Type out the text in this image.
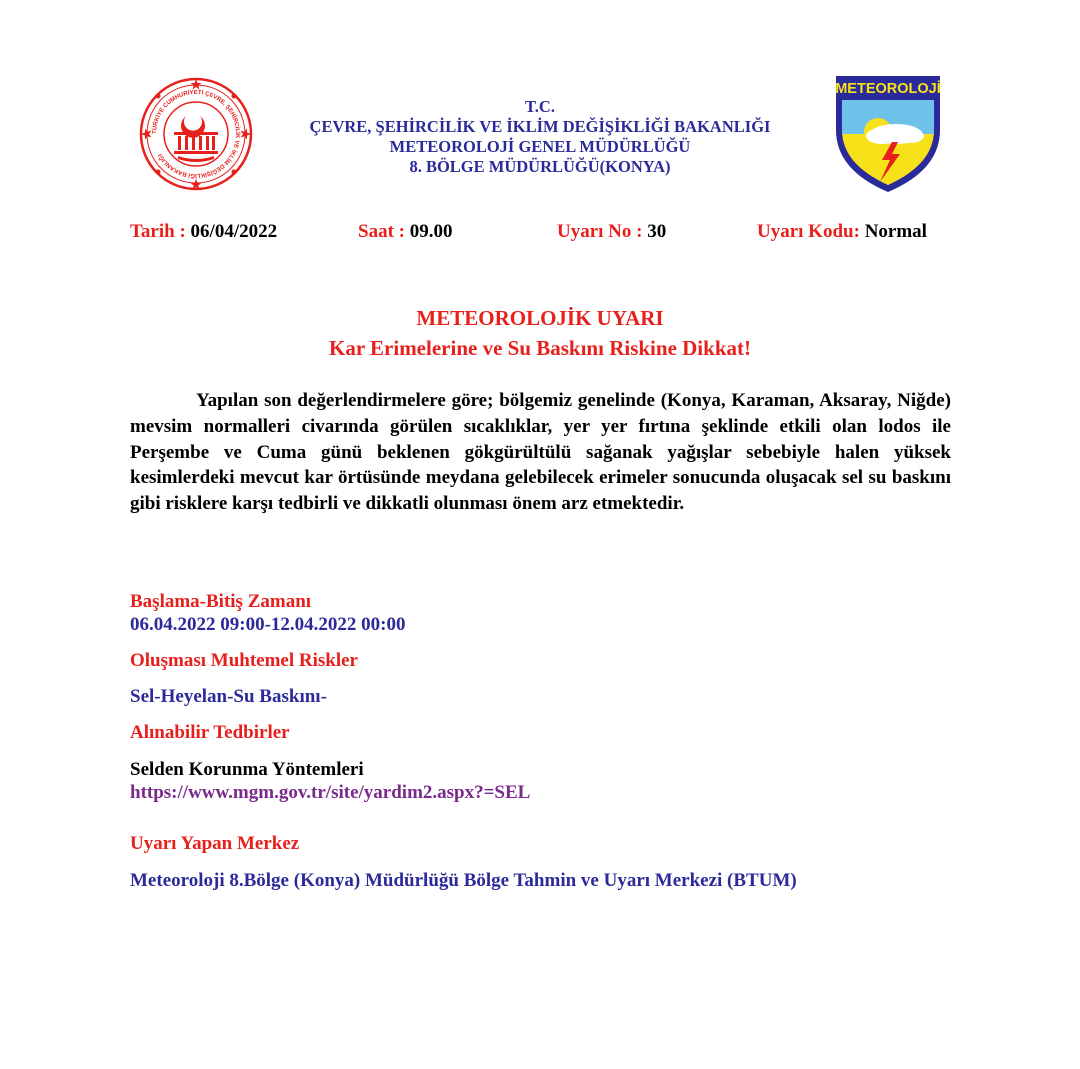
TÜRKİYE CUMHURİYETİ ÇEVRE, ŞEHİRCİLİK VE İKLİM DEĞİŞİKLİĞİ BAKANLIĞI
METEOROLOJİ
T.C.
ÇEVRE, ŞEHİRCİLİK VE İKLİM DEĞİŞİKLİĞİ BAKANLIĞI
METEOROLOJİ GENEL MÜDÜRLÜĞÜ
8. BÖLGE MÜDÜRLÜĞÜ(KONYA)
Tarih : 06/04/2022	Saat : 09.00	Uyarı No : 30	Uyarı Kodu: Normal
METEOROLOJİK UYARI
Kar Erimelerine ve Su Baskını Riskine Dikkat!

Yapılan son değerlendirmelere göre; bölgemiz genelinde (Konya, Karaman, Aksaray, Niğde) mevsim normalleri civarında görülen sıcaklıklar, yer yer fırtına şeklinde etkili olan lodos ile Perşembe ve Cuma günü beklenen gökgürültülü sağanak yağışlar sebebiyle halen yüksek kesimlerdeki mevcut kar örtüsünde meydana gelebilecek erimeler sonucunda oluşacak sel su baskını gibi risklere karşı tedbirli ve dikkatli olunması önem arz etmektedir.

Başlama-Bitiş Zamanı
06.04.2022 09:00-12.04.2022 00:00
Oluşması Muhtemel Riskler
Sel-Heyelan-Su Baskını-
Alınabilir Tedbirler
Selden Korunma Yöntemleri
https://www.mgm.gov.tr/site/yardim2.aspx?=SEL
Uyarı Yapan Merkez
Meteoroloji 8.Bölge (Konya) Müdürlüğü Bölge Tahmin ve Uyarı Merkezi (BTUM)
